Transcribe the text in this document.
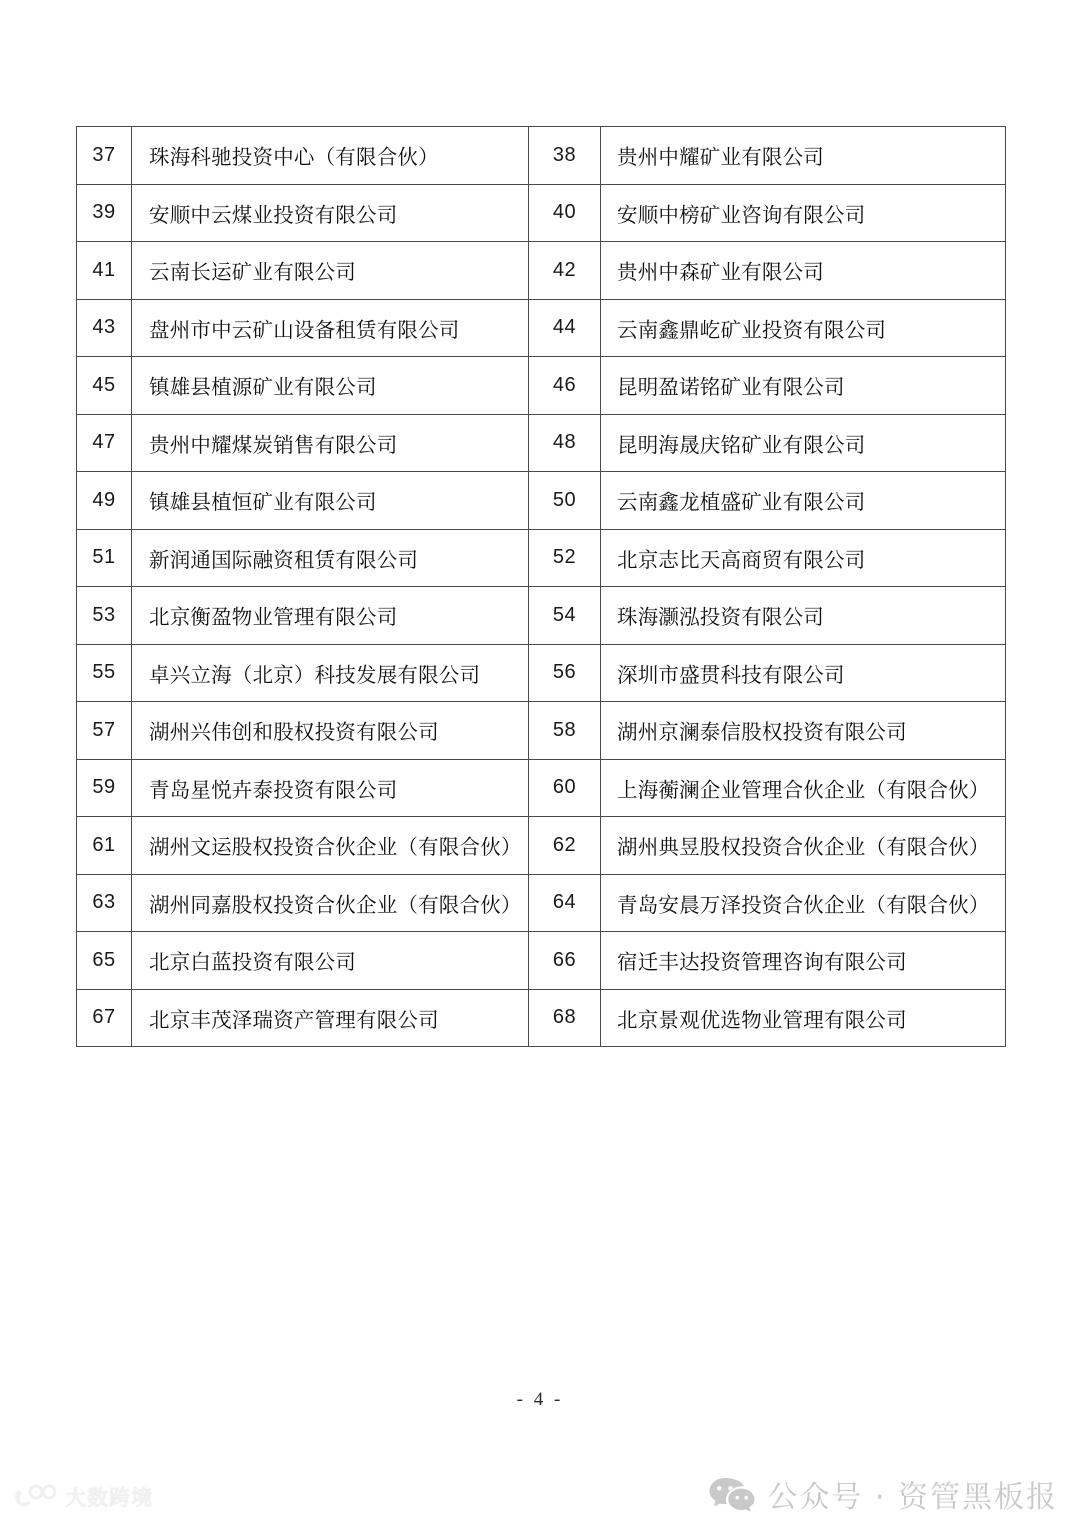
37	珠海科驰投资中心（有限合伙）	38	贵州中耀矿业有限公司
39	安顺中云煤业投资有限公司	40	安顺中榜矿业咨询有限公司
41	云南长运矿业有限公司	42	贵州中森矿业有限公司
43	盘州市中云矿山设备租赁有限公司	44	云南鑫鼎屹矿业投资有限公司
45	镇雄县植源矿业有限公司	46	昆明盈诺铭矿业有限公司
47	贵州中耀煤炭销售有限公司	48	昆明海晟庆铭矿业有限公司
49	镇雄县植恒矿业有限公司	50	云南鑫龙植盛矿业有限公司
51	新润通国际融资租赁有限公司	52	北京志比天高商贸有限公司
53	北京衡盈物业管理有限公司	54	珠海灏泓投资有限公司
55	卓兴立海（北京）科技发展有限公司	56	深圳市盛贯科技有限公司
57	湖州兴伟创和股权投资有限公司	58	湖州京澜泰信股权投资有限公司
59	青岛星悦卉泰投资有限公司	60	上海蘅澜企业管理合伙企业（有限合伙）
61	湖州文运股权投资合伙企业（有限合伙）	62	湖州典昱股权投资合伙企业（有限合伙）
63	湖州同嘉股权投资合伙企业（有限合伙）	64	青岛安晨万泽投资合伙企业（有限合伙）
65	北京白蓝投资有限公司	66	宿迁丰达投资管理咨询有限公司
67	北京丰茂泽瑞资产管理有限公司	68	北京景观优选物业管理有限公司
- 4 -
大数跨境	公众号 · 资管黑板报
